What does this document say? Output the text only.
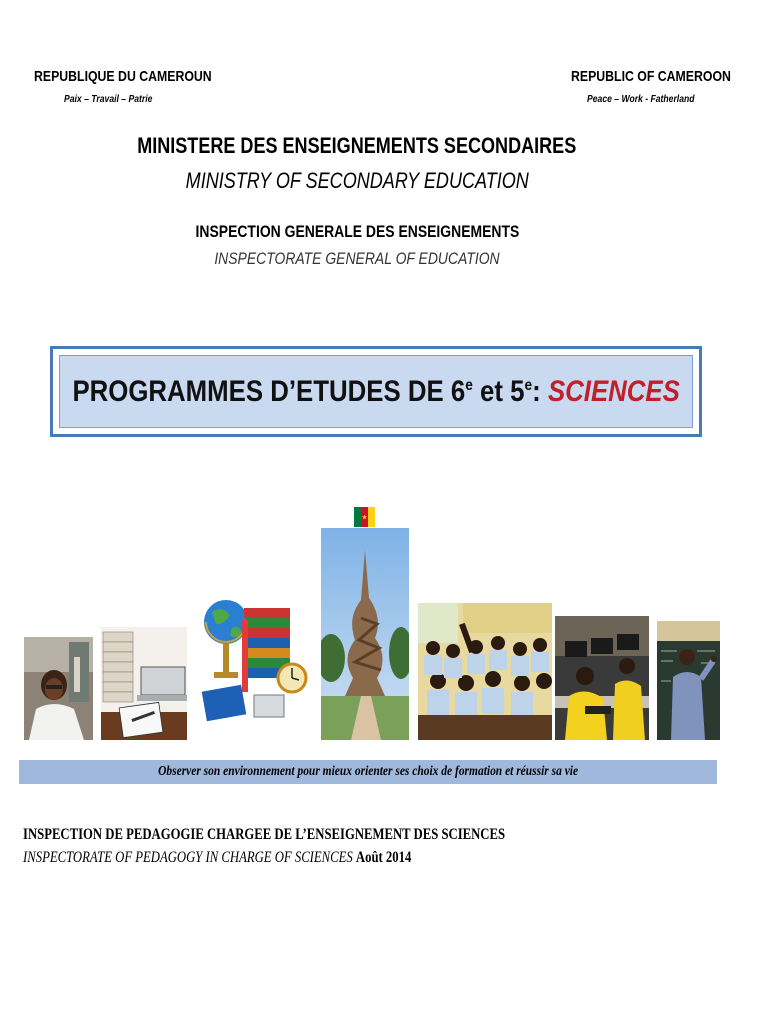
REPUBLIQUE DU CAMEROUN
Paix – Travail – Patrie
REPUBLIC OF CAMEROON
Peace – Work - Fatherland
MINISTERE DES ENSEIGNEMENTS SECONDAIRES
MINISTRY OF SECONDARY EDUCATION
INSPECTION GENERALE DES ENSEIGNEMENTS
INSPECTORATE GENERAL OF EDUCATION
PROGRAMMES D’ETUDES DE 6e et 5e: SCIENCES
Observer son environnement pour mieux orienter ses choix de formation et réussir sa vie
INSPECTION DE PEDAGOGIE CHARGEE DE L’ENSEIGNEMENT DES SCIENCES
INSPECTORATE OF PEDAGOGY IN CHARGE OF SCIENCES Août 2014
